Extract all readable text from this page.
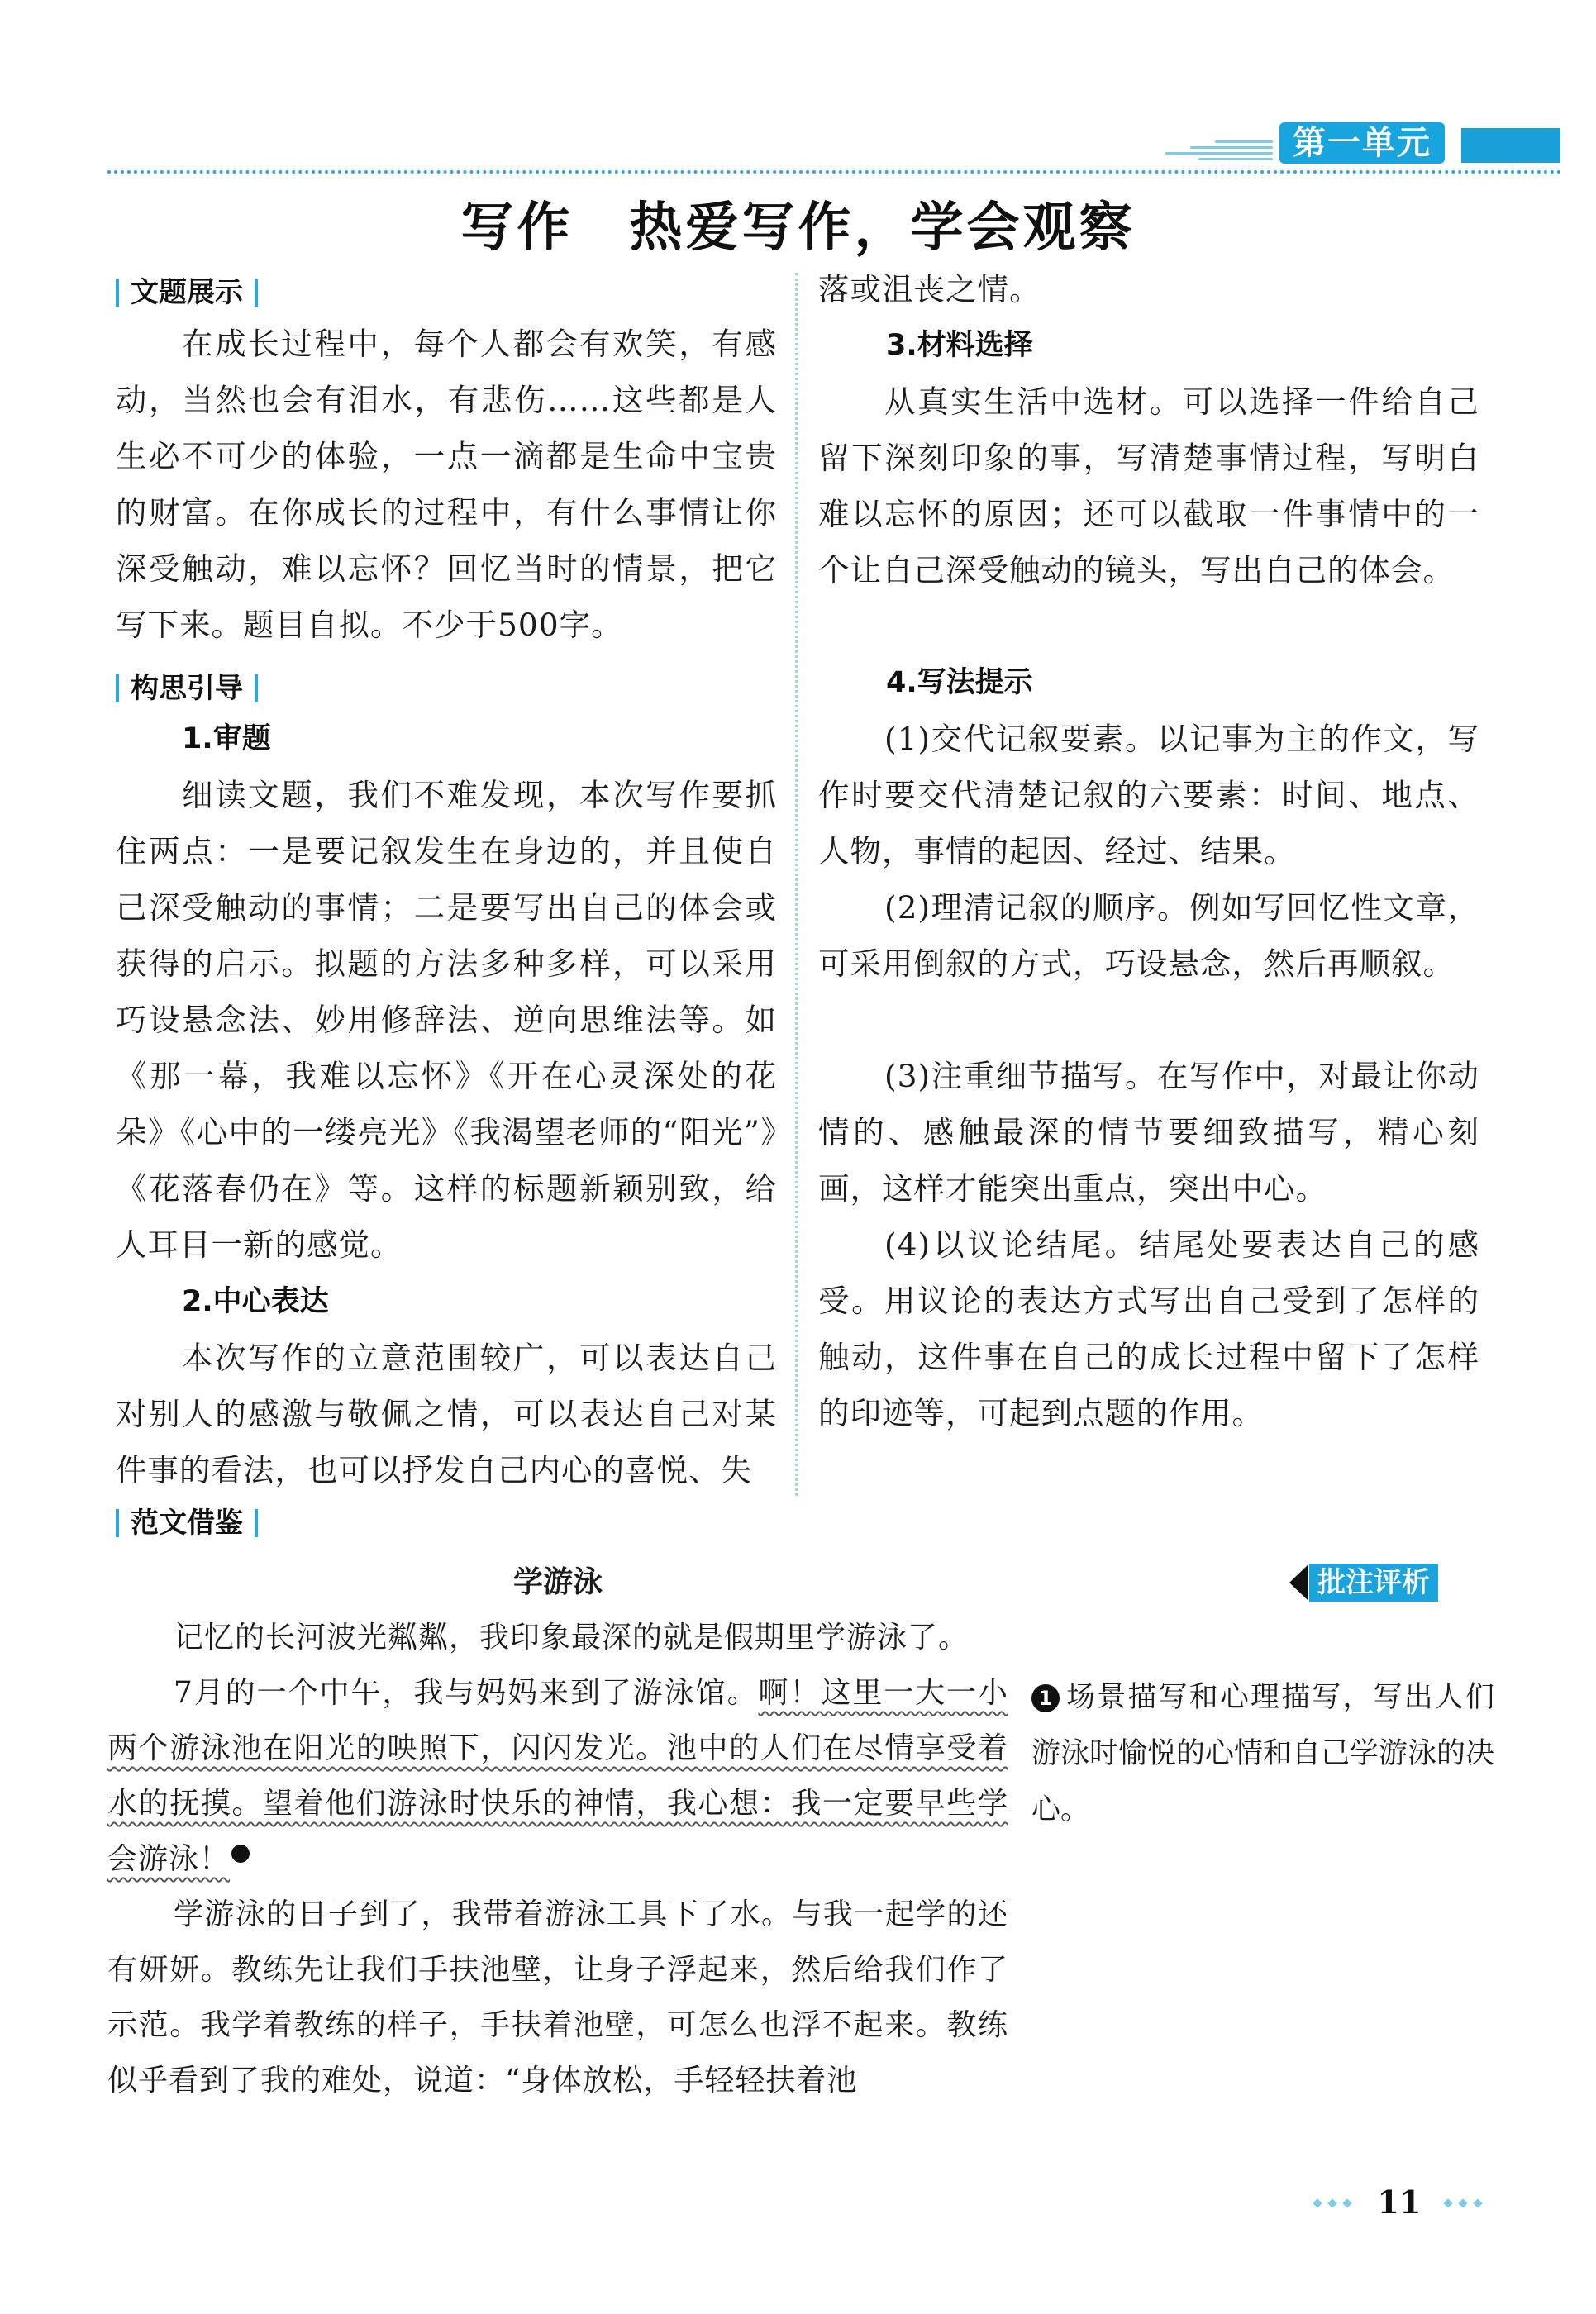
第一单元
写作　热爱写作，学会观察
文题展示

在成长过程中，每个人都会有欢笑，有感动，当然也会有泪水，有悲伤……这些都是人生必不可少的体验，一点一滴都是生命中宝贵的财富。在你成长的过程中，有什么事情让你深受触动，难以忘怀？回忆当时的情景，把它写下来。题目自拟。不少于500字。

构思引导

1.审题

细读文题，我们不难发现，本次写作要抓住两点：一是要记叙发生在身边的，并且使自己深受触动的事情；二是要写出自己的体会或获得的启示。拟题的方法多种多样，可以采用巧设悬念法、妙用修辞法、逆向思维法等。如《那一幕，我难以忘怀》《开在心灵深处的花朵》《心中的一缕亮光》《我渴望老师的“阳光”》《花落春仍在》等。这样的标题新颖别致，给人耳目一新的感觉。

2.中心表达

本次写作的立意范围较广，可以表达自己对别人的感激与敬佩之情，可以表达自己对某件事的看法，也可以抒发自己内心的喜悦、失

落或沮丧之情。

3.材料选择

从真实生活中选材。可以选择一件给自己留下深刻印象的事，写清楚事情过程，写明白难以忘怀的原因；还可以截取一件事情中的一个让自己深受触动的镜头，写出自己的体会。

4.写法提示

(1)交代记叙要素。以记事为主的作文，写作时要交代清楚记叙的六要素：时间、地点、人物，事情的起因、经过、结果。

(2)理清记叙的顺序。例如写回忆性文章，可采用倒叙的方式，巧设悬念，然后再顺叙。

(3)注重细节描写。在写作中，对最让你动情的、感触最深的情节要细致描写，精心刻画，这样才能突出重点，突出中心。

(4)以议论结尾。结尾处要表达自己的感受。用议论的表达方式写出自己受到了怎样的触动，这件事在自己的成长过程中留下了怎样的印迹等，可起到点题的作用。

范文借鉴
学游泳

记忆的长河波光粼粼，我印象最深的就是假期里学游泳了。

7月的一个中午，我与妈妈来到了游泳馆。啊！这里一大一小两个游泳池在阳光的映照下，闪闪发光。池中的人们在尽情享受着水的抚摸。望着他们游泳时快乐的神情，我心想：我一定要早些学会游泳！	1

学游泳的日子到了，我带着游泳工具下了水。与我一起学的还有妍妍。教练先让我们手扶池壁，让身子浮起来，然后给我们作了示范。我学着教练的样子，手扶着池壁，可怎么也浮不起来。教练似乎看到了我的难处，说道：“身体放松，手轻轻扶着池

批注评析

1 场景描写和心理描写，写出人们游泳时愉悦的心情和自己学游泳的决心。

11
